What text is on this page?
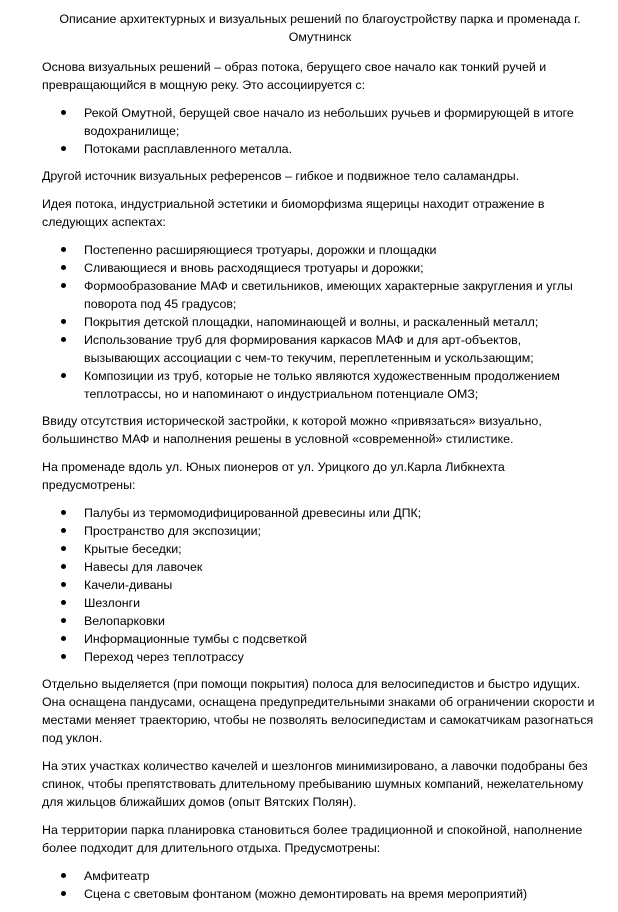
Описание архитектурных и визуальных решений по благоустройству парка и променада г. Омутнинск

Основа визуальных решений – образ потока, берущего свое начало как тонкий ручей и превращающийся в мощную реку. Это ассоциируется с:

Рекой Омутной, берущей свое начало из небольших ручьев и формирующей в итоге водохранилище;
Потоками расплавленного металла.

Другой источник визуальных референсов – гибкое и подвижное тело саламандры.

Идея потока, индустриальной эстетики и биоморфизма ящерицы находит отражение в следующих аспектах:

Постепенно расширяющиеся тротуары, дорожки и площадки
Сливающиеся и вновь расходящиеся тротуары и дорожки;
Формообразование МАФ и светильников, имеющих характерные закругления и углы поворота под 45 градусов;
Покрытия детской площадки, напоминающей и волны, и раскаленный металл;
Использование труб для формирования каркасов МАФ и для арт-объектов, вызывающих ассоциации с чем-то текучим, переплетенным и ускользающим;
Композиции из труб, которые не только являются художественным продолжением теплотрассы, но и напоминают о индустриальном потенциале ОМЗ;

Ввиду отсутствия исторической застройки, к которой можно «привязаться» визуально, большинство МАФ и наполнения решены в условной «современной» стилистике.

На променаде вдоль ул. Юных пионеров от ул. Урицкого до ул.Карла Либкнехта предусмотрены:

Палубы из термомодифицированной древесины или ДПК;
Пространство для экспозиции;
Крытые беседки;
Навесы для лавочек
Качели-диваны
Шезлонги
Велопарковки
Информационные тумбы с подсветкой
Переход через теплотрассу

Отдельно выделяется (при помощи покрытия) полоса для велосипедистов и быстро идущих. Она оснащена пандусами, оснащена предупредительными знаками об ограничении скорости и местами меняет траекторию, чтобы не позволять велосипедистам и самокатчикам разогнаться под уклон.

На этих участках количество качелей и шезлонгов минимизировано, а лавочки подобраны без спинок, чтобы препятствовать длительному пребыванию шумных компаний, нежелательному для жильцов ближайших домов (опыт Вятских Полян).

На территории парка планировка становиться более традиционной и спокойной, наполнение более подходит для длительного отдыха. Предусмотрены:

Амфитеатр
Сцена с световым фонтаном (можно демонтировать на время мероприятий)
